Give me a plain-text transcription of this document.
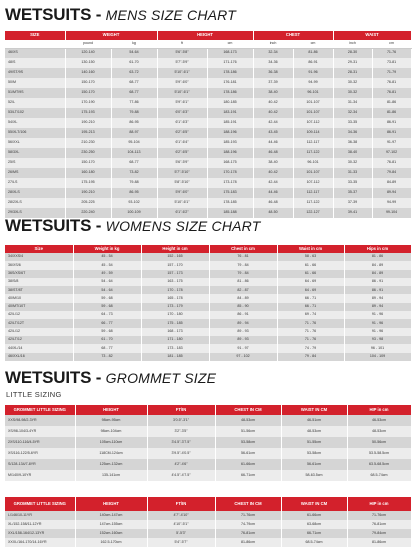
WETSUITS - MENS SIZE CHART
SIZE	WEIGHT		HEIGHT		CHEST		WAIST	
	pound	kg	ft	cm	inch	cm	inch	cm
46/XS	120-140	54-64	5'6"-5'8"	168-173	32-34	81-86	28-30	71-76
48/S	130-150	61-70	5'7"-5'9"	171-176	34-36	86-91	29-31	73-81
49/ST/9S	140-160	63-72	5'10"-6'1"	178-186	36-38	91-96	28-31	71-79
50/M	150-170	68-77	5'9"-6'0"	176-181	37-39	94-99	30-32	76-81
51/MT/9S	150-170	68-77	5'10"-6'1"	178-186	38-40	96-101	30-32	76-81
52/L	170-190	77-86	5'9"-6'1"	180-185	40-42	101-107	31-34	81-86
53/LT/102	175-193	79-88	6'0"-6'3"	183-191	40-42	101-107	32-34	81-86
54/XL	190-210	86-95	6'1"-6'3"	185-191	42-44	107-112	33-35	86-91
55/XLT/106	195-213	88-97	6'2"-6'5"	188-196	43-45	109-114	34-36	86-91
56/XXL	210-230	95-104	6'1"-6'4"	185-193	44-46	112-117	36-38	91-97
58/3XL	230-250	104-113	6'2"-6'5"	188-196	46-48	117-122	38-40	97-102
25/S	150-170	68-77	5'6"-5'9"	168-175	38-40	96-101	30-32	76-81
26/MS	160-180	73-82	5'7"-5'10"	170-178	40-42	101-107	31-33	79-84
27/LS	175-195	79-88	5'8"-5'10"	173-178	42-44	107-112	33-35	84-89
28/XLS	190-210	86-95	5'9"-6'0"	175-183	44-46	112-117	35-37	89-94
28/2XLS	205-225	93-102	5'10"-6'1"	178-185	46-48	117-122	37-39	94-99
29/3XLS	220-240	100-109	6'1"-6'2"	185-188	48-50	122-127	39-41	99-104
WETSUITS - WOMENS SIZE CHART
Size	Weight in kg	Height in cm	Chest in cm	Waist in cm	Hips in cm
34/XXS/4	45 - 54	152 - 165	76 - 81	58 - 63	81 - 86
36/XS/6	45 - 54	157 - 170	79 - 84	61 - 66	84 - 89
36S/XS/6T	49 - 59	157 - 173	79 - 84	61 - 66	84 - 89
38/S/8	54 - 64	163 - 175	81 - 86	64 - 69	86 - 91
38/ST/8T	54 - 64	170 - 178	82 - 87	64 - 69	86 - 91
40/M/10	59 - 68	165 - 178	84 - 89	66 - 71	89 - 94
40/MT/10T	59 - 68	173 - 179	85 - 90	66 - 71	89 - 94
42/L/12	64 - 73	170 - 180	86 - 91	69 - 74	91 - 96
42/LT/12T	66 - 77	175 - 185	89 - 94	71 - 76	91 - 96
42/L/12	59 - 68	168 - 173	89 - 93	71 - 76	91 - 96
42/LT/12	61 - 70	171 - 180	89 - 93	71 - 76	93 - 98
44/XL/14	68 - 77	173 - 183	91 - 97	74 - 79	96 - 101
46/XXL/16	73 - 82	181 - 185	97 - 102	79 - 84	104 - 109
WETSUITS - GROMMET SIZE
LITTLE SIZING
GROMMET LITTLE SIZING	HEIGHT	FT/IN	CHEST IN CM	WAIST IN CM	HIP in cm
XXS/98-98/2-3YR	98cm-95cm	3'0.5"-3'1"	48-53cm	46-51cm	46-53cm
XS/98-104/3-4YR	98cm-104cm	3'2"-3'5"	51-56cm	48-53cm	48-53cm
2XS/110-116/4-5YR	105cm-110cm	3'4.5"-3'7.5"	53-58cm	51-55cm	50-56cm
XS/116-122/5-6YR	118CM-124cm	3'9.5"-4'0.5"	56-61cm	53-58cm	53.5-58.5cm
S/128-134/7-8YR	125cm-132cm	4'2"-4'6"	61-66cm	56-61cm	63.5-68.5cm
M/140/9-10YR	135-141cm	4'4.5"-4'7.5"	66-71cm	58-63.5cm	68.5-74cm
GROMMET LITTLE SIZING	HEIGHT	FT/IN	CHEST IN CM	WAIST IN CM	HIP in cm
L/146/10-11YR	140cm-147cm	4'7"-4'10"	71-76cm	61-66cm	71-76cm
XL/152-158/11-12YR	147cm-155cm	4'10"-5'1"	74-79cm	63-68cm	76-81cm
XXL/158-164/12-13YR	152cm-160cm	5'-5'3"	76-81cm	66-71cm	79-84cm
XXXL/164-170/14-16YR	162.5-170cm	5'4"-5'7"	81-86cm	68.5-74cm	81-86cm
